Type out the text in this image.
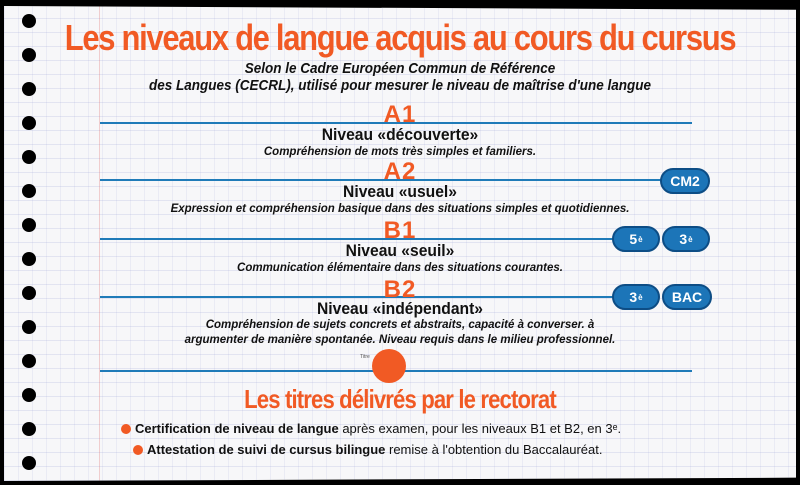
Les niveaux de langue acquis au cours du cursus
Selon le Cadre Européen Commun de Référence
des Langues (CECRL), utilisé pour mesurer le niveau de maîtrise d'une langue
A1
Niveau «découverte»
Compréhension de mots très simples et familiers.
A2	CM2
Niveau «usuel»
Expression et compréhension basique dans des situations simples et quotidiennes.
B1	5 è	3 è
Niveau «seuil»
Communication élémentaire dans des situations courantes.
B2	3 è BAC
Niveau «indépendant»
Compréhension de sujets concrets et abstraits, capacité à converser. à
argumenter de manière spontanée. Niveau requis dans le milieu professionnel.
Titre
Les titres délivrés par le rectorat
Certification de niveau de langue après examen, pour les niveaux B1 et B2, en 3ᵉ.
Attestation de suivi de cursus bilingue remise à l'obtention du Baccalauréat.
